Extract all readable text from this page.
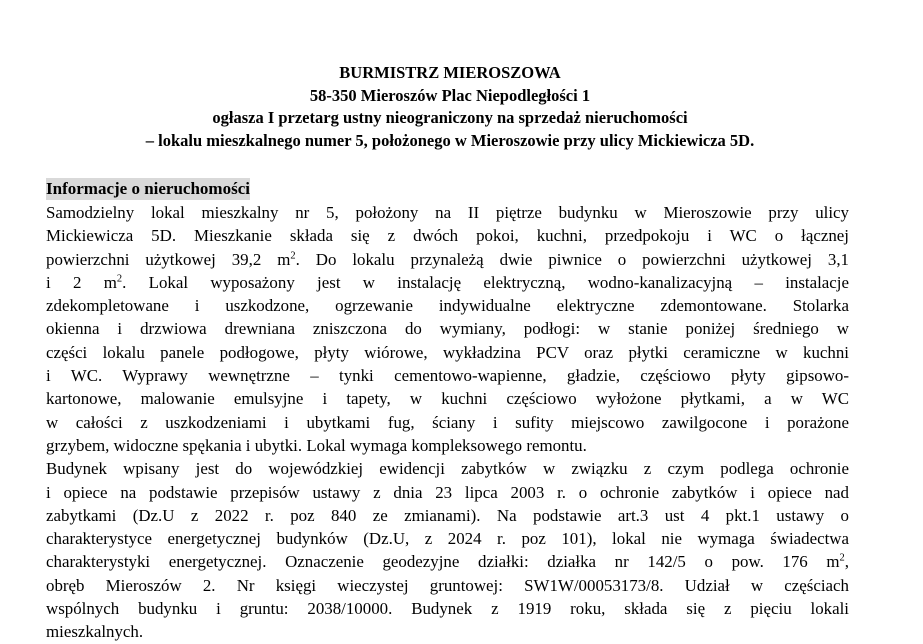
BURMISTRZ MIEROSZOWA
58-350 Mieroszów Plac Niepodległości 1
ogłasza I przetarg ustny nieograniczony na sprzedaż nieruchomości
– lokalu mieszkalnego numer 5, położonego w Mieroszowie przy ulicy Mickiewicza 5D.
Informacje o nieruchomości

Samodzielny lokal mieszkalny nr 5, położony na II piętrze budynku w Mieroszowie przy ulicy
Mickiewicza 5D. Mieszkanie składa się z dwóch pokoi, kuchni, przedpokoju i WC o łącznej
powierzchni użytkowej 39,2 $m^2$. Do lokalu przynależą dwie piwnice o powierzchni użytkowej 3,1
i 2 $m^2$. Lokal wyposażony jest w instalację elektryczną, wodno-kanalizacyjną – instalacje
zdekompletowane i uszkodzone, ogrzewanie indywidualne elektryczne zdemontowane. Stolarka
okienna i drzwiowa drewniana zniszczona do wymiany, podłogi: w stanie poniżej średniego w
części lokalu panele podłogowe, płyty wiórowe, wykładzina PCV oraz płytki ceramiczne w kuchni
i WC. Wyprawy wewnętrzne – tynki cementowo-wapienne, gładzie, częściowo płyty gipsowo-
kartonowe, malowanie emulsyjne i tapety, w kuchni częściowo wyłożone płytkami, a w WC
w całości z uszkodzeniami i ubytkami fug, ściany i sufity miejscowo zawilgocone i porażone
grzybem, widoczne spękania i ubytki. Lokal wymaga kompleksowego remontu.

Budynek wpisany jest do wojewódzkiej ewidencji zabytków w związku z czym podlega ochronie
i opiece na podstawie przepisów ustawy z dnia 23 lipca 2003 r. o ochronie zabytków i opiece nad
zabytkami (Dz.U z 2022 r. poz 840 ze zmianami). Na podstawie art.3 ust 4 pkt.1 ustawy o
charakterystyce energetycznej budynków (Dz.U, z 2024 r. poz 101), lokal nie wymaga świadectwa
charakterystyki energetycznej. Oznaczenie geodezyjne działki: działka nr 142/5 o pow. 176 $m^2$,
obręb Mieroszów 2. Nr księgi wieczystej gruntowej: SW1W/00053173/8. Udział w częściach
wspólnych budynku i gruntu: 2038/10000. Budynek z 1919 roku, składa się z pięciu lokali
mieszkalnych.
